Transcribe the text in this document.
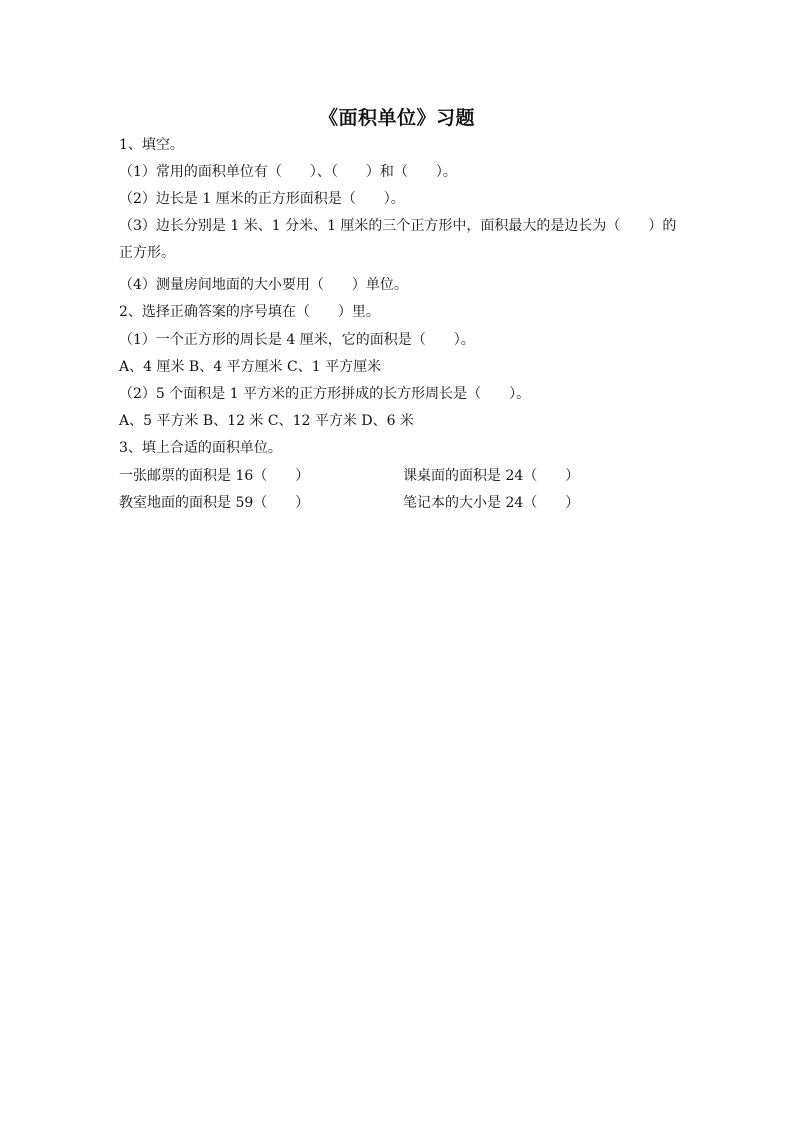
《面积单位》习题
1、填空。
（1）常用的面积单位有（　　）、（　　）和（　　）。
（2）边长是 1 厘米的正方形面积是（　　）。
（3）边长分别是 1 米、1 分米、1 厘米的三个正方形中，面积最大的是边长为（　　）的正方形。
（4）测量房间地面的大小要用（　　）单位。
2、选择正确答案的序号填在（　　）里。
（1）一个正方形的周长是 4 厘米，它的面积是（　　）。
A、4 厘米 B、4 平方厘米 C、1 平方厘米
（2）5 个面积是 1 平方米的正方形拼成的长方形周长是（　　）。
A、5 平方米 B、12 米 C、12 平方米 D、6 米
3、填上合适的面积单位。
一张邮票的面积是 16（　　）	课桌面的面积是 24（　　）
教室地面的面积是 59（　　）	笔记本的大小是 24（　　）
